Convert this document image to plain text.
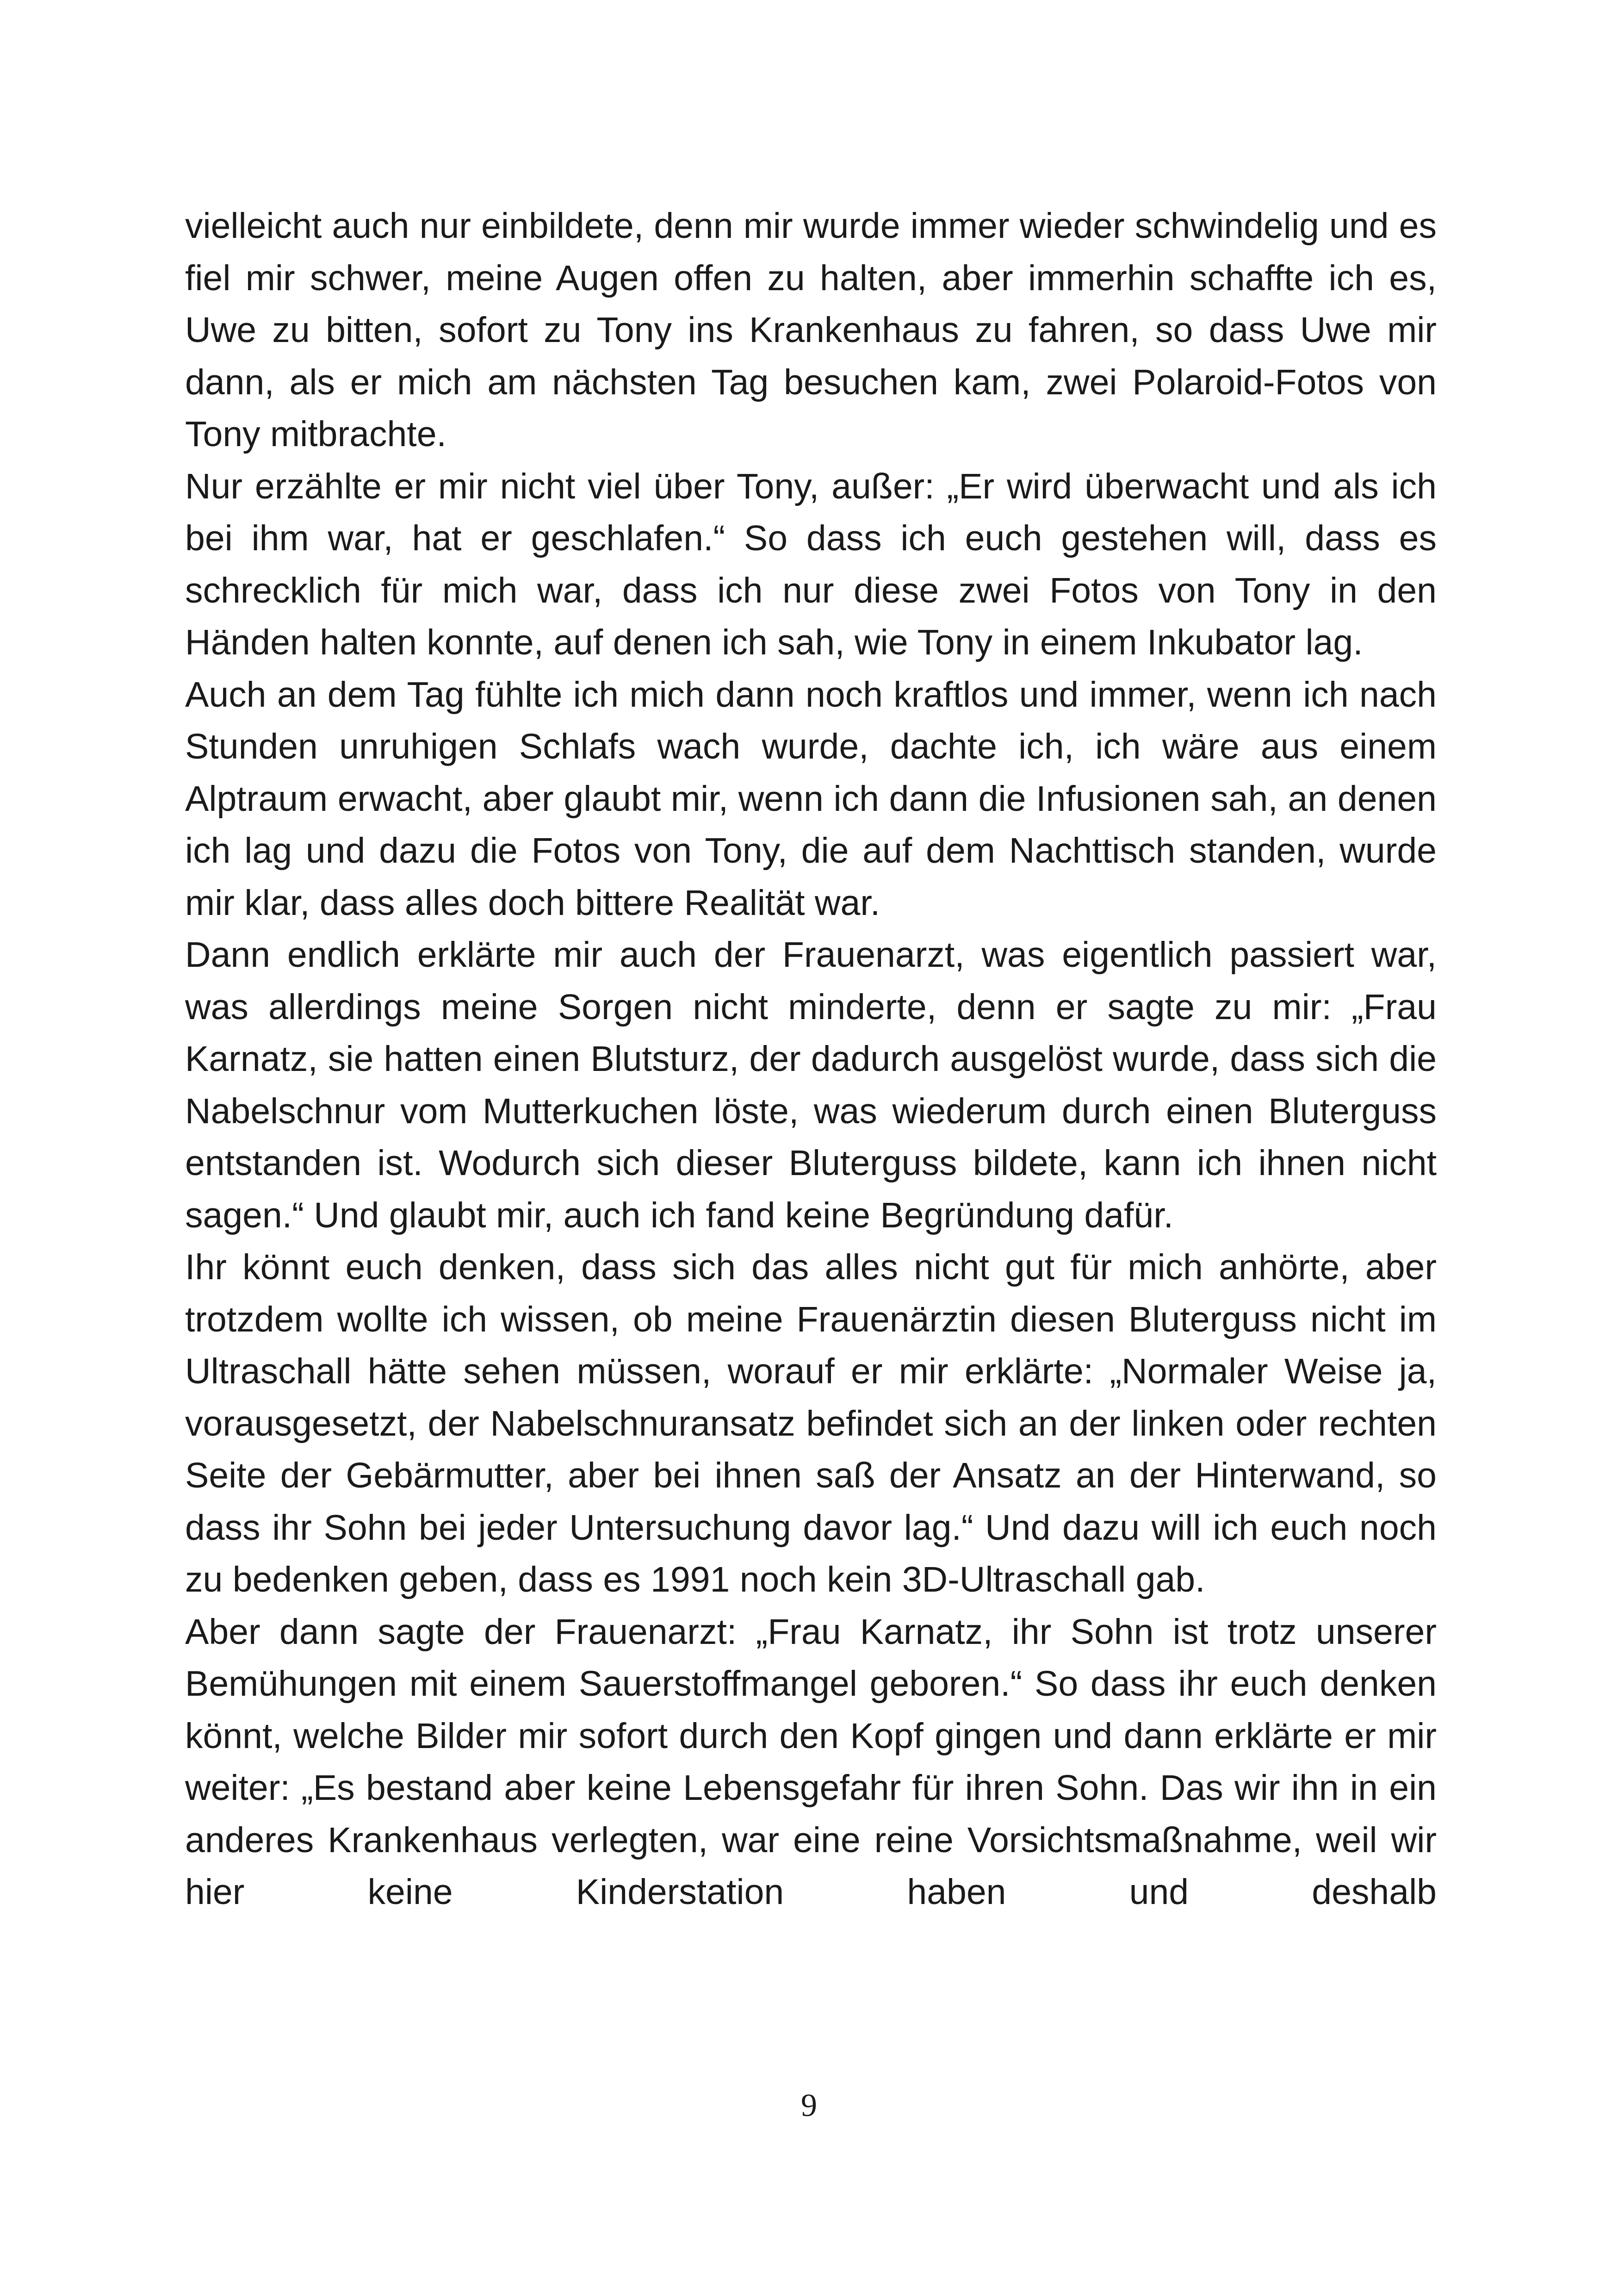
vielleicht auch nur einbildete, denn mir wurde immer wieder schwindelig und es fiel mir schwer, meine Augen offen zu halten, aber immerhin schaffte ich es, Uwe zu bitten, sofort zu Tony ins Krankenhaus zu fahren, so dass Uwe mir dann, als er mich am nächsten Tag besuchen kam, zwei Polaroid-Fotos von Tony mitbrachte.

Nur erzählte er mir nicht viel über Tony, außer: „Er wird überwacht und als ich bei ihm war, hat er geschlafen.“ So dass ich euch gestehen will, dass es schrecklich für mich war, dass ich nur diese zwei Fotos von Tony in den Händen halten konnte, auf denen ich sah, wie Tony in einem Inkubator lag.

Auch an dem Tag fühlte ich mich dann noch kraftlos und immer, wenn ich nach Stunden unruhigen Schlafs wach wurde, dachte ich, ich wäre aus einem Alptraum erwacht, aber glaubt mir, wenn ich dann die Infusionen sah, an denen ich lag und dazu die Fotos von Tony, die auf dem Nachttisch standen, wurde mir klar, dass alles doch bittere Realität war.

Dann endlich erklärte mir auch der Frauenarzt, was eigentlich passiert war, was allerdings meine Sorgen nicht minderte, denn er sagte zu mir: „Frau Karnatz, sie hatten einen Blutsturz, der dadurch ausgelöst wurde, dass sich die Nabelschnur vom Mutterkuchen löste, was wiederum durch einen Bluterguss entstanden ist. Wodurch sich dieser Bluterguss bildete, kann ich ihnen nicht sagen.“ Und glaubt mir, auch ich fand keine Begründung dafür.

Ihr könnt euch denken, dass sich das alles nicht gut für mich anhörte, aber trotzdem wollte ich wissen, ob meine Frauenärztin diesen Bluterguss nicht im Ultraschall hätte sehen müssen, worauf er mir erklärte: „Normaler Weise ja, vorausgesetzt, der Nabelschnuransatz befindet sich an der linken oder rechten Seite der Gebärmutter, aber bei ihnen saß der Ansatz an der Hinterwand, so dass ihr Sohn bei jeder Untersuchung davor lag.“ Und dazu will ich euch noch zu bedenken geben, dass es 1991 noch kein 3D-Ultraschall gab.

Aber dann sagte der Frauenarzt: „Frau Karnatz, ihr Sohn ist trotz unserer Bemühungen mit einem Sauerstoffmangel geboren.“ So dass ihr euch denken könnt, welche Bilder mir sofort durch den Kopf gingen und dann erklärte er mir weiter: „Es bestand aber keine Lebensgefahr für ihren Sohn. Das wir ihn in ein anderes Krankenhaus verlegten, war eine reine Vorsichtsmaßnahme, weil wir hier keine Kinderstation haben und deshalb

9
